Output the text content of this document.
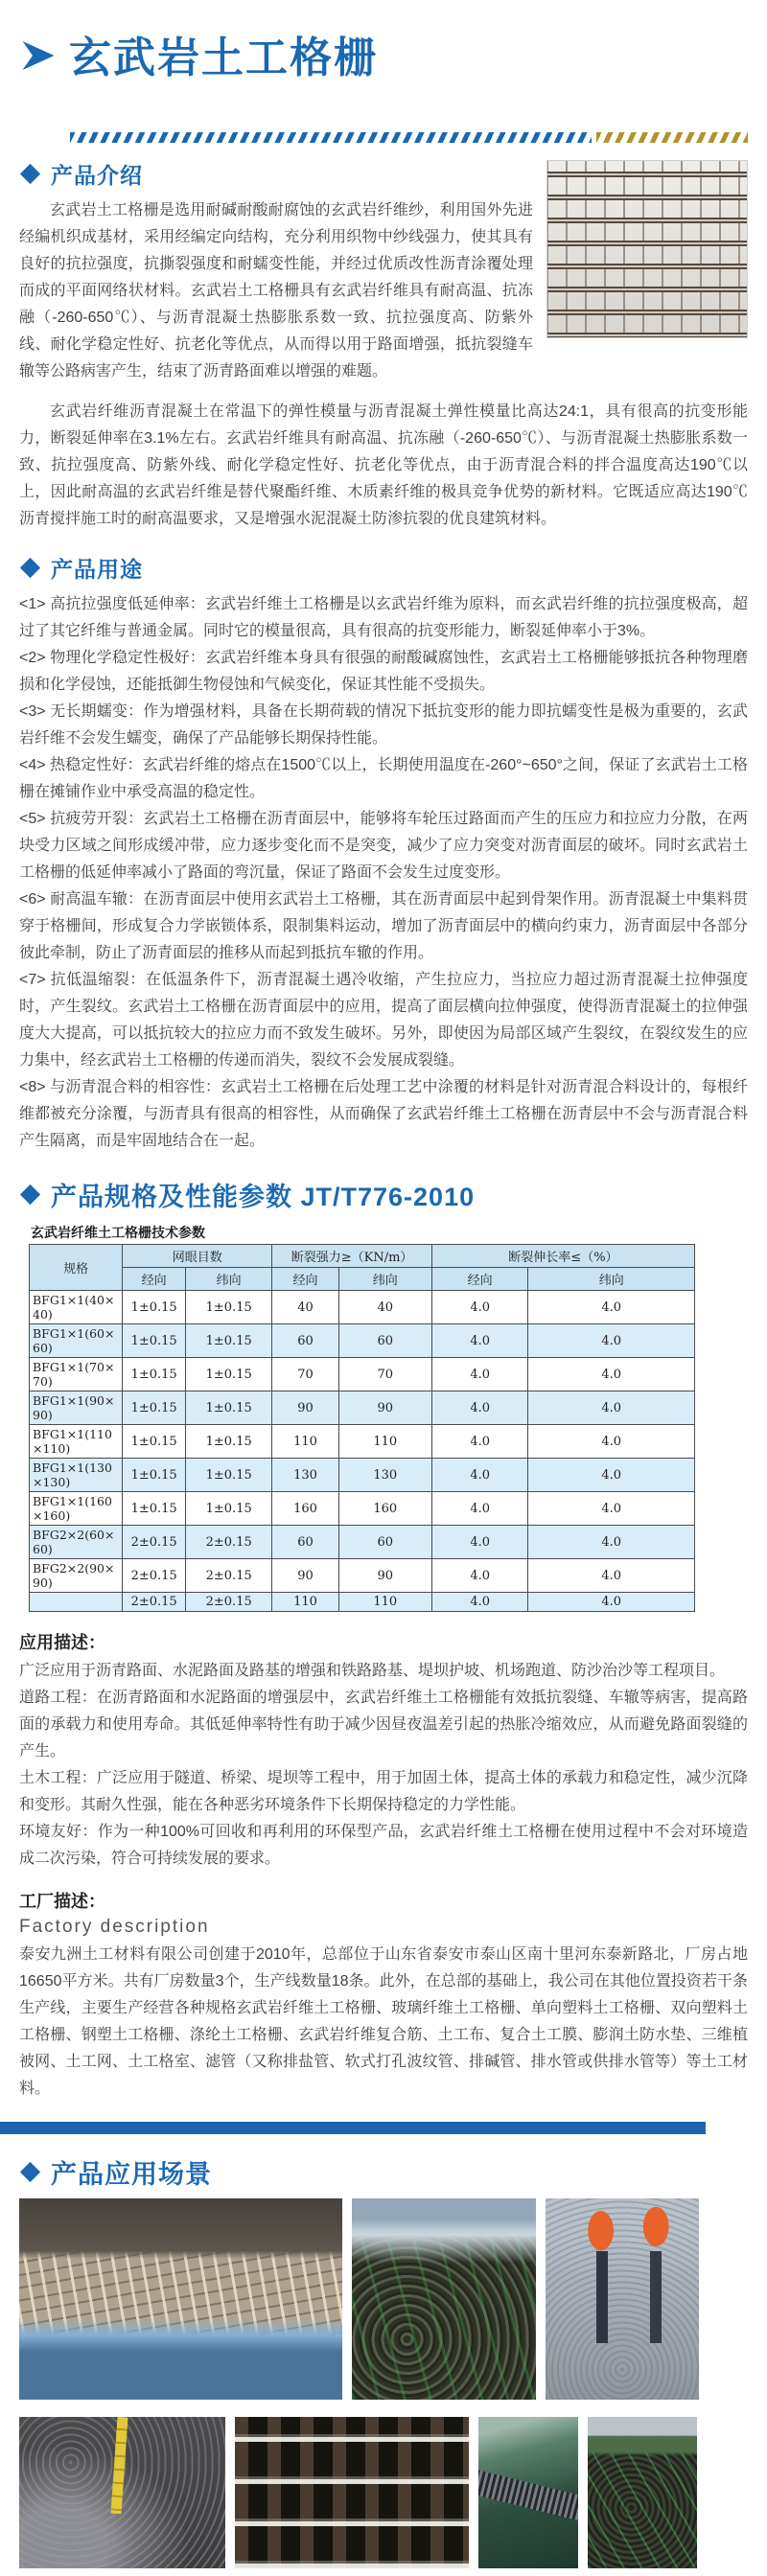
玄武岩土工格栅
产品介绍

玄武岩土工格栅是选用耐碱耐酸耐腐蚀的玄武岩纤维纱，利用国外先进经编机织成基材，采用经编定向结构，充分利用织物中纱线强力，使其具有良好的抗拉强度，抗撕裂强度和耐蠕变性能，并经过优质改性沥青涂覆处理而成的平面网络状材料。玄武岩土工格栅具有玄武岩纤维具有耐高温、抗冻融（-260-650℃）、与沥青混凝土热膨胀系数一致、抗拉强度高、防紫外线、耐化学稳定性好、抗老化等优点，从而得以用于路面增强，抵抗裂缝车辙等公路病害产生，结束了沥青路面难以增强的难题。

玄武岩纤维沥青混凝土在常温下的弹性模量与沥青混凝土弹性模量比高达24:1，具有很高的抗变形能力，断裂延伸率在3.1%左右。玄武岩纤维具有耐高温、抗冻融（-260-650℃）、与沥青混凝土热膨胀系数一致、抗拉强度高、防紫外线、耐化学稳定性好、抗老化等优点，由于沥青混合料的拌合温度高达190℃以上，因此耐高温的玄武岩纤维是替代聚酯纤维、木质素纤维的极具竞争优势的新材料。它既适应高达190℃沥青搅拌施工时的耐高温要求，又是增强水泥混凝土防渗抗裂的优良建筑材料。

产品用途

<1> 高抗拉强度低延伸率：玄武岩纤维土工格栅是以玄武岩纤维为原料，而玄武岩纤维的抗拉强度极高，超过了其它纤维与普通金属。同时它的模量很高，具有很高的抗变形能力，断裂延伸率小于3%。

<2> 物理化学稳定性极好：玄武岩纤维本身具有很强的耐酸碱腐蚀性，玄武岩土工格栅能够抵抗各种物理磨损和化学侵蚀，还能抵御生物侵蚀和气候变化，保证其性能不受损失。

<3> 无长期蠕变：作为增强材料，具备在长期荷载的情况下抵抗变形的能力即抗蠕变性是极为重要的，玄武岩纤维不会发生蠕变，确保了产品能够长期保持性能。

<4> 热稳定性好：玄武岩纤维的熔点在1500℃以上，长期使用温度在-260°~650°之间，保证了玄武岩土工格栅在摊铺作业中承受高温的稳定性。

<5> 抗疲劳开裂：玄武岩土工格栅在沥青面层中，能够将车轮压过路面而产生的压应力和拉应力分散，在两块受力区域之间形成缓冲带，应力逐步变化而不是突变，减少了应力突变对沥青面层的破坏。同时玄武岩土工格栅的低延伸率减小了路面的弯沉量，保证了路面不会发生过度变形。

<6> 耐高温车辙：在沥青面层中使用玄武岩土工格栅，其在沥青面层中起到骨架作用。沥青混凝土中集料贯穿于格栅间，形成复合力学嵌锁体系，限制集料运动，增加了沥青面层中的横向约束力，沥青面层中各部分彼此牵制，防止了沥青面层的推移从而起到抵抗车辙的作用。

<7> 抗低温缩裂：在低温条件下，沥青混凝土遇冷收缩，产生拉应力，当拉应力超过沥青混凝土拉伸强度时，产生裂纹。玄武岩土工格栅在沥青面层中的应用，提高了面层横向拉伸强度，使得沥青混凝土的拉伸强度大大提高，可以抵抗较大的拉应力而不致发生破坏。另外，即使因为局部区域产生裂纹，在裂纹发生的应力集中，经玄武岩土工格栅的传递而消失，裂纹不会发展成裂缝。

<8> 与沥青混合料的相容性：玄武岩土工格栅在后处理工艺中涂覆的材料是针对沥青混合料设计的，每根纤维都被充分涂覆，与沥青具有很高的相容性，从而确保了玄武岩纤维土工格栅在沥青层中不会与沥青混合料产生隔离，而是牢固地结合在一起。

产品规格及性能参数 JT/T776-2010
玄武岩纤维土工格栅技术参数
规格	网眼目数		断裂强力≥（KN/m）		断裂伸长率≤（%）	
	经向	纬向	经向	纬向	经向	纬向
BFG1×1(40×40)	1±0.15	1±0.15	40	40	4.0	4.0
BFG1×1(60×60)	1±0.15	1±0.15	60	60	4.0	4.0
BFG1×1(70×70)	1±0.15	1±0.15	70	70	4.0	4.0
BFG1×1(90×90)	1±0.15	1±0.15	90	90	4.0	4.0
BFG1×1(110×110)	1±0.15	1±0.15	110	110	4.0	4.0
BFG1×1(130×130)	1±0.15	1±0.15	130	130	4.0	4.0
BFG1×1(160×160)	1±0.15	1±0.15	160	160	4.0	4.0
BFG2×2(60×60)	2±0.15	2±0.15	60	60	4.0	4.0
BFG2×2(90×90)	2±0.15	2±0.15	90	90	4.0	4.0
	2±0.15	2±0.15	110	110	4.0	4.0

应用描述：

广泛应用于沥青路面、水泥路面及路基的增强和铁路路基、堤坝护坡、机场跑道、防沙治沙等工程项目。

道路工程：在沥青路面和水泥路面的增强层中，玄武岩纤维土工格栅能有效抵抗裂缝、车辙等病害，提高路面的承载力和使用寿命。其低延伸率特性有助于减少因昼夜温差引起的热胀冷缩效应，从而避免路面裂缝的产生。

土木工程：广泛应用于隧道、桥梁、堤坝等工程中，用于加固土体，提高土体的承载力和稳定性，减少沉降和变形。其耐久性强，能在各种恶劣环境条件下长期保持稳定的力学性能。

环境友好：作为一种100%可回收和再利用的环保型产品，玄武岩纤维土工格栅在使用过程中不会对环境造成二次污染，符合可持续发展的要求。

工厂描述：

Factory description

泰安九洲土工材料有限公司创建于2010年，总部位于山东省泰安市泰山区南十里河东泰新路北，厂房占地16650平方米。共有厂房数量3个，生产线数量18条。此外，在总部的基础上，我公司在其他位置投资若干条生产线，主要生产经营各种规格玄武岩纤维土工格栅、玻璃纤维土工格栅、单向塑料土工格栅、双向塑料土工格栅、钢塑土工格栅、涤纶土工格栅、玄武岩纤维复合筋、土工布、复合土工膜、膨润土防水垫、三维植被网、土工网、土工格室、滤管（又称排盐管、软式打孔波纹管、排碱管、排水管或供排水管等）等土工材料。

产品应用场景
